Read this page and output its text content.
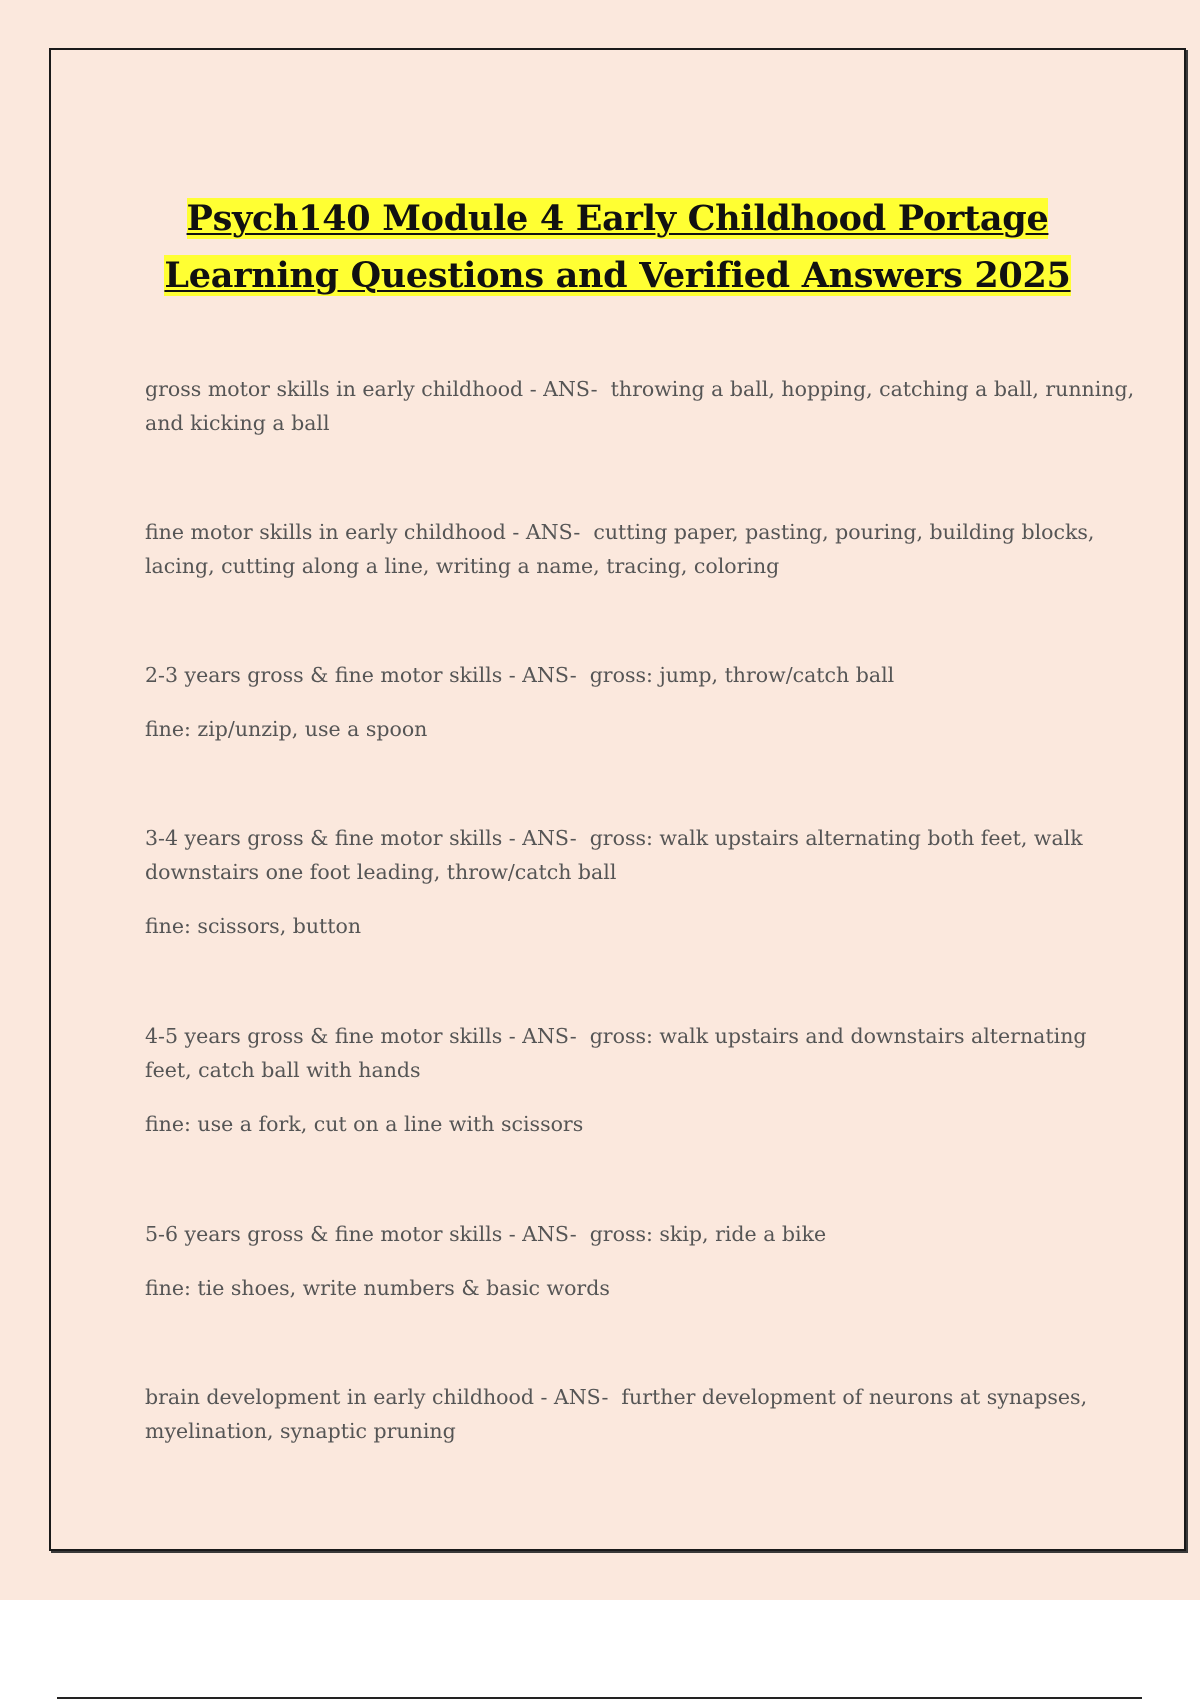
Psych140 Module 4 Early Childhood Portage
Learning Questions and Verified Answers 2025

gross motor skills in early childhood - ANS-  throwing a ball, hopping, catching a ball, running, and kicking a ball

fine motor skills in early childhood - ANS-  cutting paper, pasting, pouring, building blocks, lacing, cutting along a line, writing a name, tracing, coloring

2-3 years gross & fine motor skills - ANS-  gross: jump, throw/catch ball

fine: zip/unzip, use a spoon

3-4 years gross & fine motor skills - ANS-  gross: walk upstairs alternating both feet, walk downstairs one foot leading, throw/catch ball

fine: scissors, button

4-5 years gross & fine motor skills - ANS-  gross: walk upstairs and downstairs alternating feet, catch ball with hands

fine: use a fork, cut on a line with scissors

5-6 years gross & fine motor skills - ANS-  gross: skip, ride a bike

fine: tie shoes, write numbers & basic words

brain development in early childhood - ANS-  further development of neurons at synapses, myelination, synaptic pruning
